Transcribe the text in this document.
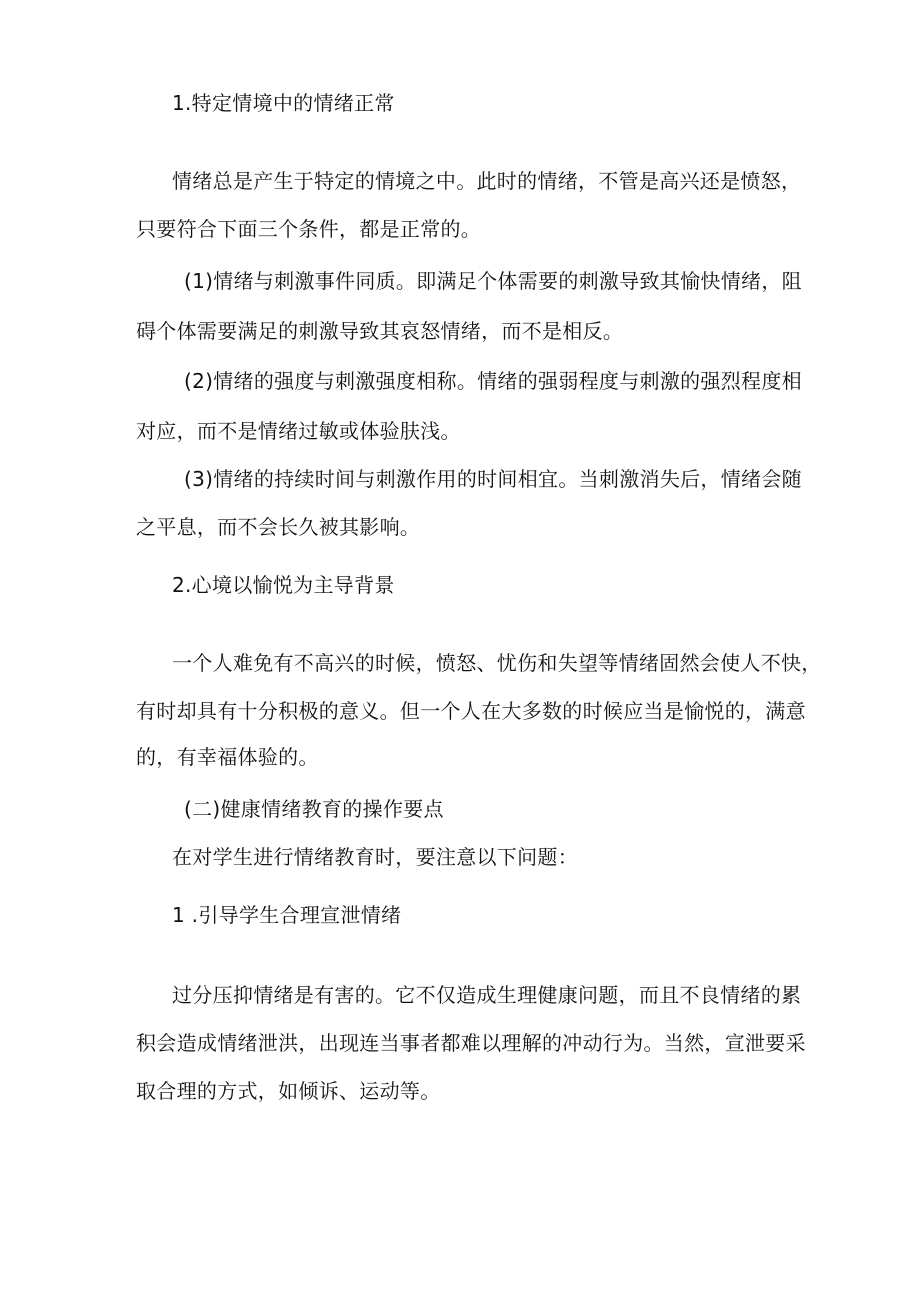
1.特定情境中的情绪正常
情绪总是产生于特定的情境之中。此时的情绪，不管是高兴还是愤怒，
只要符合下面三个条件，都是正常的。
(1)情绪与刺激事件同质。即满足个体需要的刺激导致其愉快情绪，阻
碍个体需要满足的刺激导致其哀怒情绪，而不是相反。
(2)情绪的强度与刺激强度相称。情绪的强弱程度与刺激的强烈程度相
对应，而不是情绪过敏或体验肤浅。
(3)情绪的持续时间与刺激作用的时间相宜。当刺激消失后，情绪会随
之平息，而不会长久被其影响。
2.心境以愉悦为主导背景
一个人难免有不高兴的时候，愤怒、忧伤和失望等情绪固然会使人不快，
有时却具有十分积极的意义。但一个人在大多数的时候应当是愉悦的，满意
的，有幸福体验的。
(二)健康情绪教育的操作要点
在对学生进行情绪教育时，要注意以下问题：
1 .引导学生合理宣泄情绪
过分压抑情绪是有害的。它不仅造成生理健康问题，而且不良情绪的累
积会造成情绪泄洪，出现连当事者都难以理解的冲动行为。当然，宣泄要采
取合理的方式，如倾诉、运动等。
